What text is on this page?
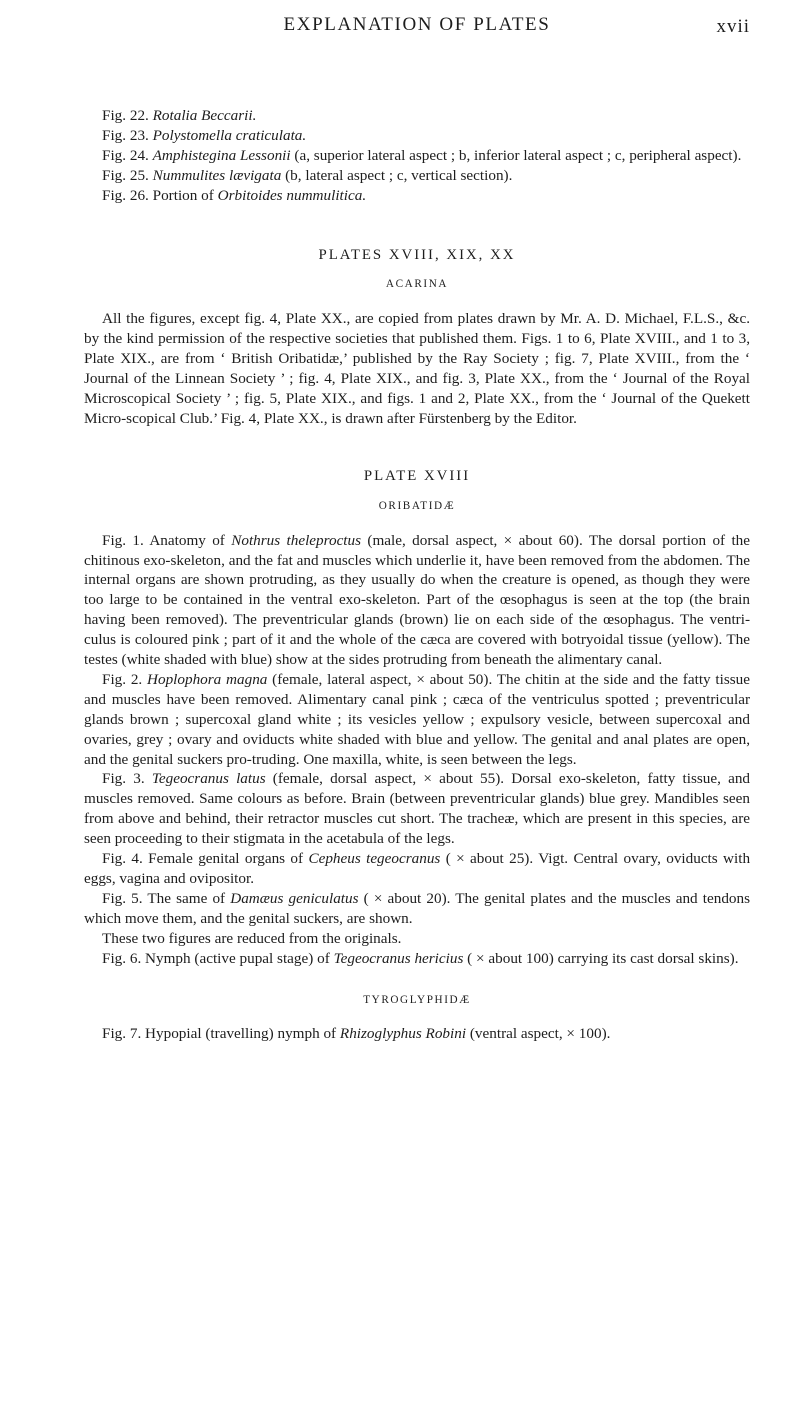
EXPLANATION OF PLATES	xvii

Fig. 22. Rotalia Beccarii.

Fig. 23. Polystomella craticulata.

Fig. 24. Amphistegina Lessonii (a, superior lateral aspect ; b, inferior lateral aspect ; c, peripheral aspect).

Fig. 25. Nummulites lævigata (b, lateral aspect ; c, vertical section).

Fig. 26. Portion of Orbitoides nummulitica.

PLATES XVIII, XIX, XX

ACARINA

All the figures, except fig. 4, Plate XX., are copied from plates drawn by Mr. A. D. Michael, F.L.S., &c. by the kind permission of the respective societies that published them. Figs. 1 to 6, Plate XVIII., and 1 to 3, Plate XIX., are from ‘ British Oribatidæ,’ published by the Ray Society ; fig. 7, Plate XVIII., from the ‘ Journal of the Linnean Society ’ ; fig. 4, Plate XIX., and fig. 3, Plate XX., from the ‘ Journal of the Royal Microscopical Society ’ ; fig. 5, Plate XIX., and figs. 1 and 2, Plate XX., from the ‘ Journal of the Quekett Micro-scopical Club.’ Fig. 4, Plate XX., is drawn after Fürstenberg by the Editor.

PLATE XVIII

ORIBATIDÆ

Fig. 1. Anatomy of Nothrus theleproctus (male, dorsal aspect, × about 60). The dorsal portion of the chitinous exo-skeleton, and the fat and muscles which underlie it, have been removed from the abdomen. The internal organs are shown protruding, as they usually do when the creature is opened, as though they were too large to be contained in the ventral exo-skeleton. Part of the œsophagus is seen at the top (the brain having been removed). The preventricular glands (brown) lie on each side of the œsophagus. The ventri-culus is coloured pink ; part of it and the whole of the cæca are covered with botryoidal tissue (yellow). The testes (white shaded with blue) show at the sides protruding from beneath the alimentary canal.

Fig. 2. Hoplophora magna (female, lateral aspect, × about 50). The chitin at the side and the fatty tissue and muscles have been removed. Alimentary canal pink ; cæca of the ventriculus spotted ; preventricular glands brown ; supercoxal gland white ; its vesicles yellow ; expulsory vesicle, between supercoxal and ovaries, grey ; ovary and oviducts white shaded with blue and yellow. The genital and anal plates are open, and the genital suckers pro-truding. One maxilla, white, is seen between the legs.

Fig. 3. Tegeocranus latus (female, dorsal aspect, × about 55). Dorsal exo-skeleton, fatty tissue, and muscles removed. Same colours as before. Brain (between preventricular glands) blue grey. Mandibles seen from above and behind, their retractor muscles cut short. The tracheæ, which are present in this species, are seen proceeding to their stigmata in the acetabula of the legs.

Fig. 4. Female genital organs of Cepheus tegeocranus ( × about 25). Vigt. Central ovary, oviducts with eggs, vagina and ovipositor.

Fig. 5. The same of Damæus geniculatus ( × about 20). The genital plates and the muscles and tendons which move them, and the genital suckers, are shown.

These two figures are reduced from the originals.

Fig. 6. Nymph (active pupal stage) of Tegeocranus hericius ( × about 100) carrying its cast dorsal skins).

TYROGLYPHIDÆ

Fig. 7. Hypopial (travelling) nymph of Rhizoglyphus Robini (ventral aspect, × 100).
